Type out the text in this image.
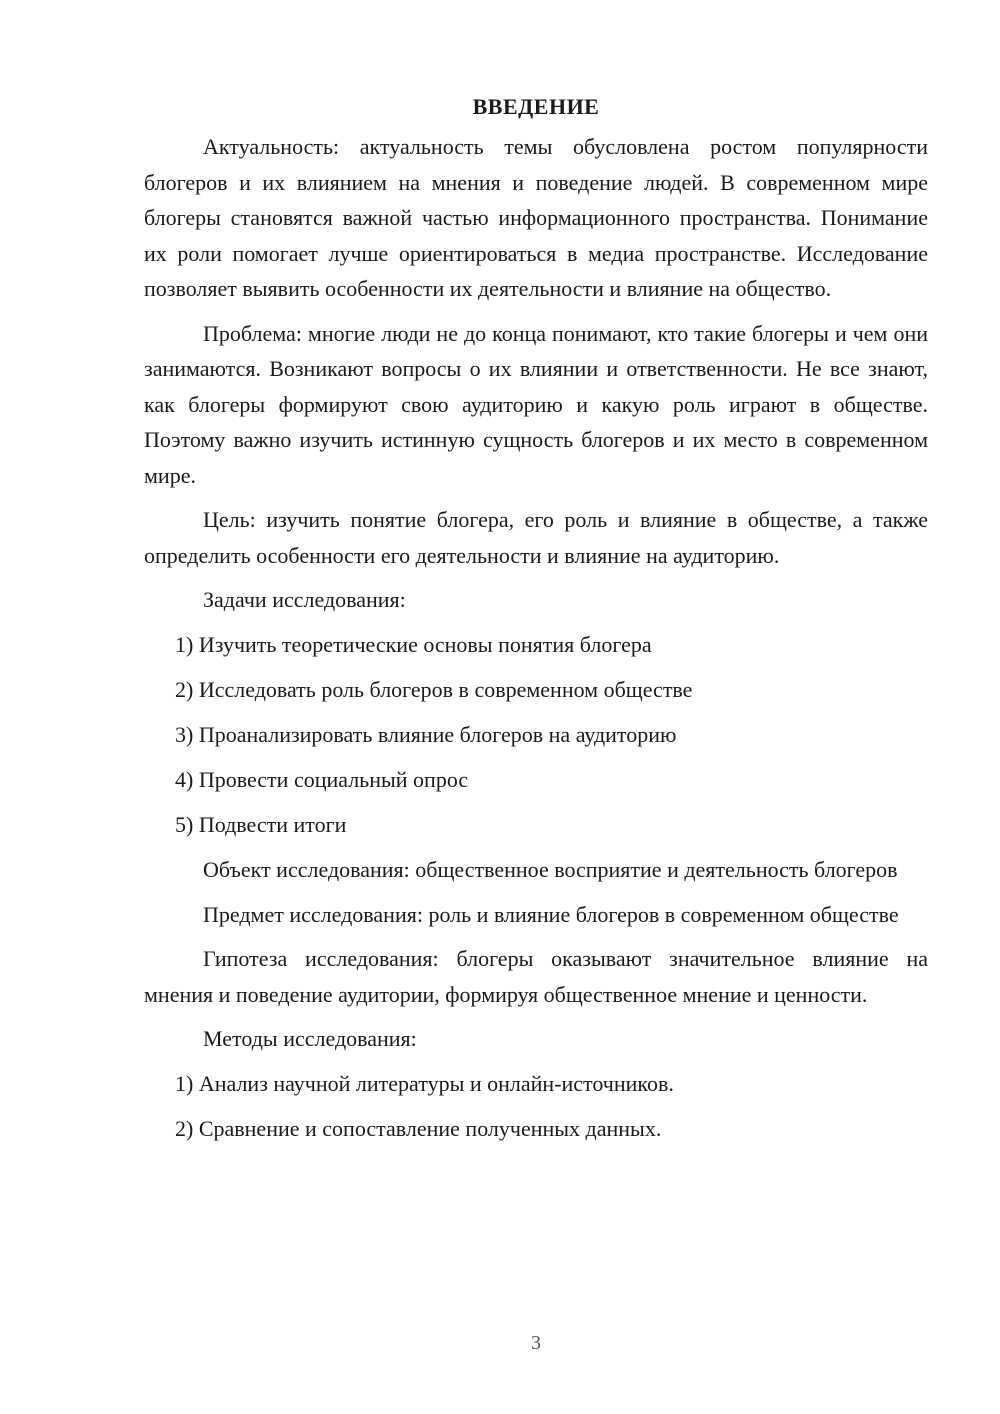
ВВЕДЕНИЕ

Актуальность: актуальность темы обусловлена ростом популярности блогеров и их влиянием на мнения и поведение людей. В современном мире блогеры становятся важной частью информационного пространства. Понимание их роли помогает лучше ориентироваться в медиа пространстве. Исследование позволяет выявить особенности их деятельности и влияние на общество.

Проблема: многие люди не до конца понимают, кто такие блогеры и чем они занимаются. Возникают вопросы о их влиянии и ответственности. Не все знают, как блогеры формируют свою аудиторию и какую роль играют в обществе. Поэтому важно изучить истинную сущность блогеров и их место в современном мире.

Цель: изучить понятие блогера, его роль и влияние в обществе, а также определить особенности его деятельности и влияние на аудиторию.

Задачи исследования:

1) Изучить теоретические основы понятия блогера
2) Исследовать роль блогеров в современном обществе
3) Проанализировать влияние блогеров на аудиторию
4) Провести социальный опрос
5) Подвести итоги

Объект исследования: общественное восприятие и деятельность блогеров

Предмет исследования: роль и влияние блогеров в современном обществе

Гипотеза исследования: блогеры оказывают значительное влияние на мнения и поведение аудитории, формируя общественное мнение и ценности.

Методы исследования:

1) Анализ научной литературы и онлайн-источников.
2) Сравнение и сопоставление полученных данных.
3
